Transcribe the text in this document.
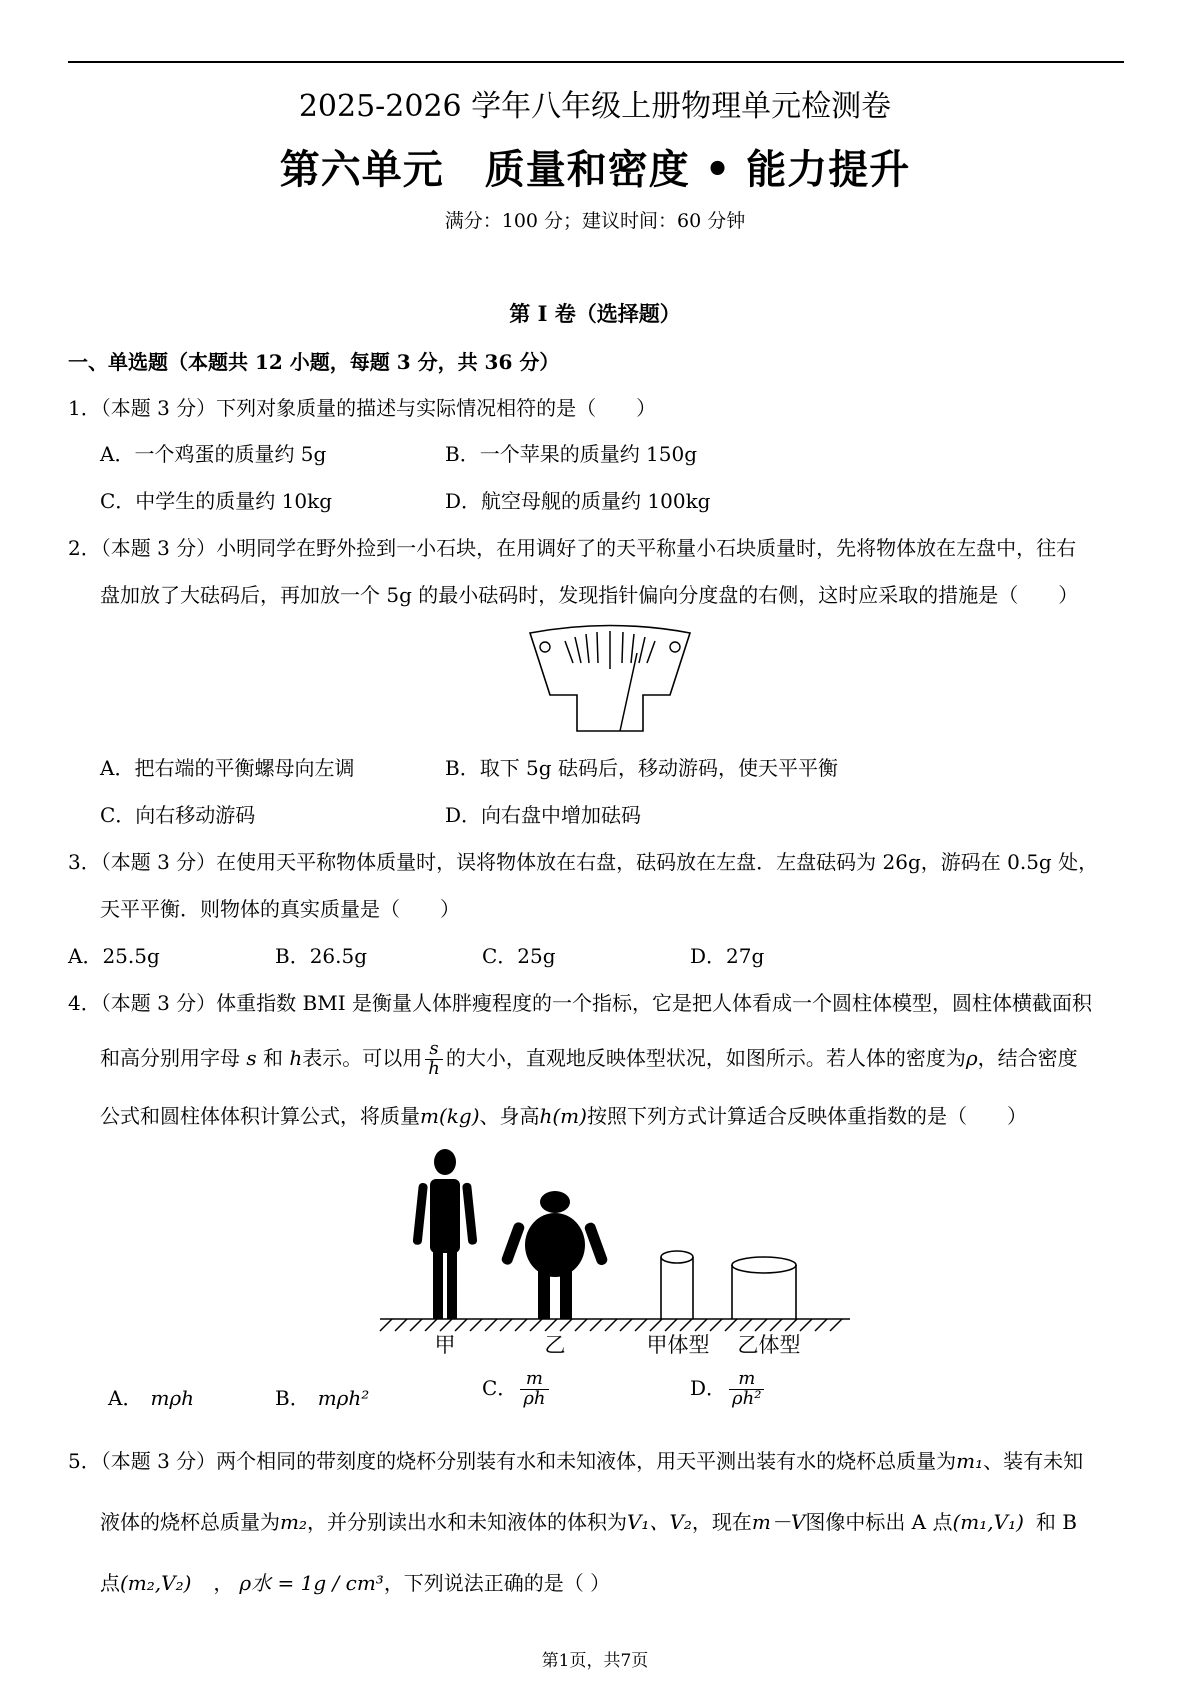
2025-2026 学年八年级上册物理单元检测卷
第六单元　质量和密度 • 能力提升
满分：100 分；建议时间：60 分钟
第 I 卷（选择题）
一、单选题（本题共 12 小题，每题 3 分，共 36 分）
1．（本题 3 分）下列对象质量的描述与实际情况相符的是（　　）
A．一个鸡蛋的质量约 5g	B．一个苹果的质量约 150g
C．中学生的质量约 10kg	D．航空母舰的质量约 100kg
2．（本题 3 分）小明同学在野外捡到一小石块，在用调好了的天平称量小石块质量时，先将物体放在左盘中，往右
盘加放了大砝码后，再加放一个 5g 的最小砝码时，发现指针偏向分度盘的右侧，这时应采取的措施是（　　）
A．把右端的平衡螺母向左调	B．取下 5g 砝码后，移动游码，使天平平衡
C．向右移动游码	D．向右盘中增加砝码
3．（本题 3 分）在使用天平称物体质量时，误将物体放在右盘，砝码放在左盘．左盘砝码为 26g，游码在 0.5g 处，
天平平衡．则物体的真实质量是（　　）
A．25.5g	B．26.5g	C．25g	D．27g
4．（本题 3 分）体重指数 BMI 是衡量人体胖瘦程度的一个指标，它是把人体看成一个圆柱体模型，圆柱体横截面积
和高分别用字母 s 和 h表示。可以用 $\frac{s}{h}$ 的大小，直观地反映体型状况，如图所示。若人体的密度为ρ，结合密度
公式和圆柱体体积计算公式，将质量m(kg)、身高h(m)按照下列方式计算适合反映体重指数的是（　　）
甲	乙	甲体型 乙体型
A． mρh	B． mρh²	C． $\frac{m}{\rho h}$	D． $\frac{m}{\text{ρh²}}$
5．（本题 3 分）两个相同的带刻度的烧杯分别装有水和未知液体，用天平测出装有水的烧杯总质量为m₁、装有未知
液体的烧杯总质量为m₂，并分别读出水和未知液体的体积为V₁、V₂，现在m－V图像中标出 A 点(m₁,V₁) 和 B
点(m₂,V₂) ， ρ水 = 1g / cm³，下列说法正确的是（ ）
第1页，共7页
